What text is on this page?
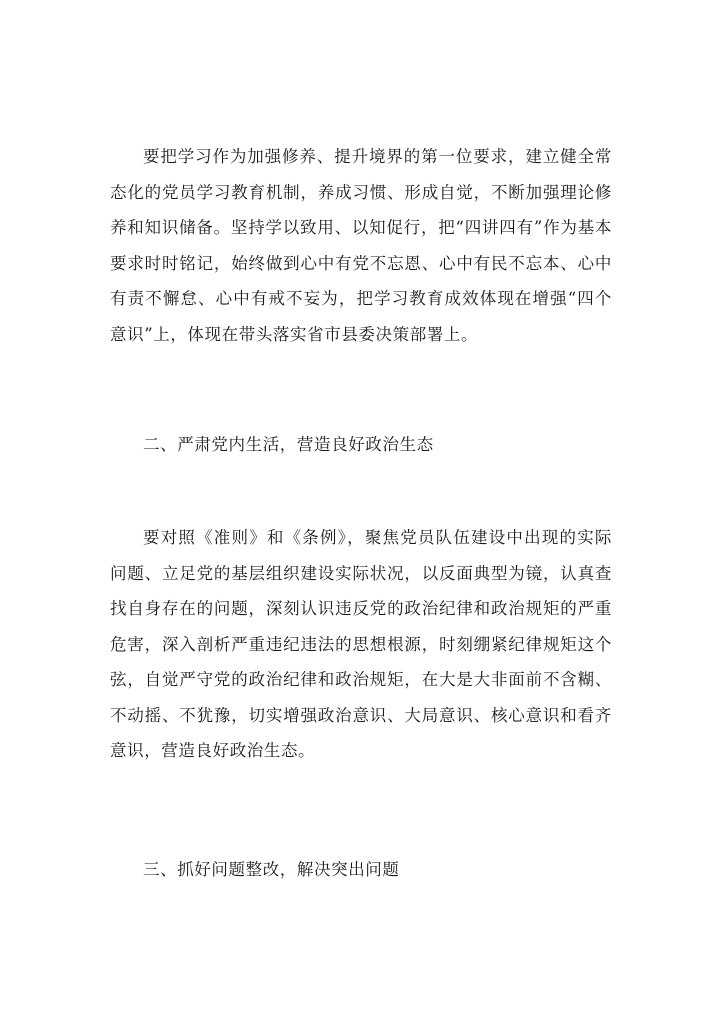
要把学习作为加强修养、提升境界的第一位要求，建立健全常态化的党员学习教育机制，养成习惯、形成自觉，不断加强理论修养和知识储备。坚持学以致用、以知促行，把“四讲四有”作为基本要求时时铭记，始终做到心中有党不忘恩、心中有民不忘本、心中有责不懈怠、心中有戒不妄为，把学习教育成效体现在增强“四个意识”上，体现在带头落实省市县委决策部署上。

二、严肃党内生活，营造良好政治生态

要对照《准则》和《条例》，聚焦党员队伍建设中出现的实际问题、立足党的基层组织建设实际状况，以反面典型为镜，认真查找自身存在的问题，深刻认识违反党的政治纪律和政治规矩的严重危害，深入剖析严重违纪违法的思想根源，时刻绷紧纪律规矩这个弦，自觉严守党的政治纪律和政治规矩，在大是大非面前不含糊、不动摇、不犹豫，切实增强政治意识、大局意识、核心意识和看齐意识，营造良好政治生态。

三、抓好问题整改，解决突出问题
